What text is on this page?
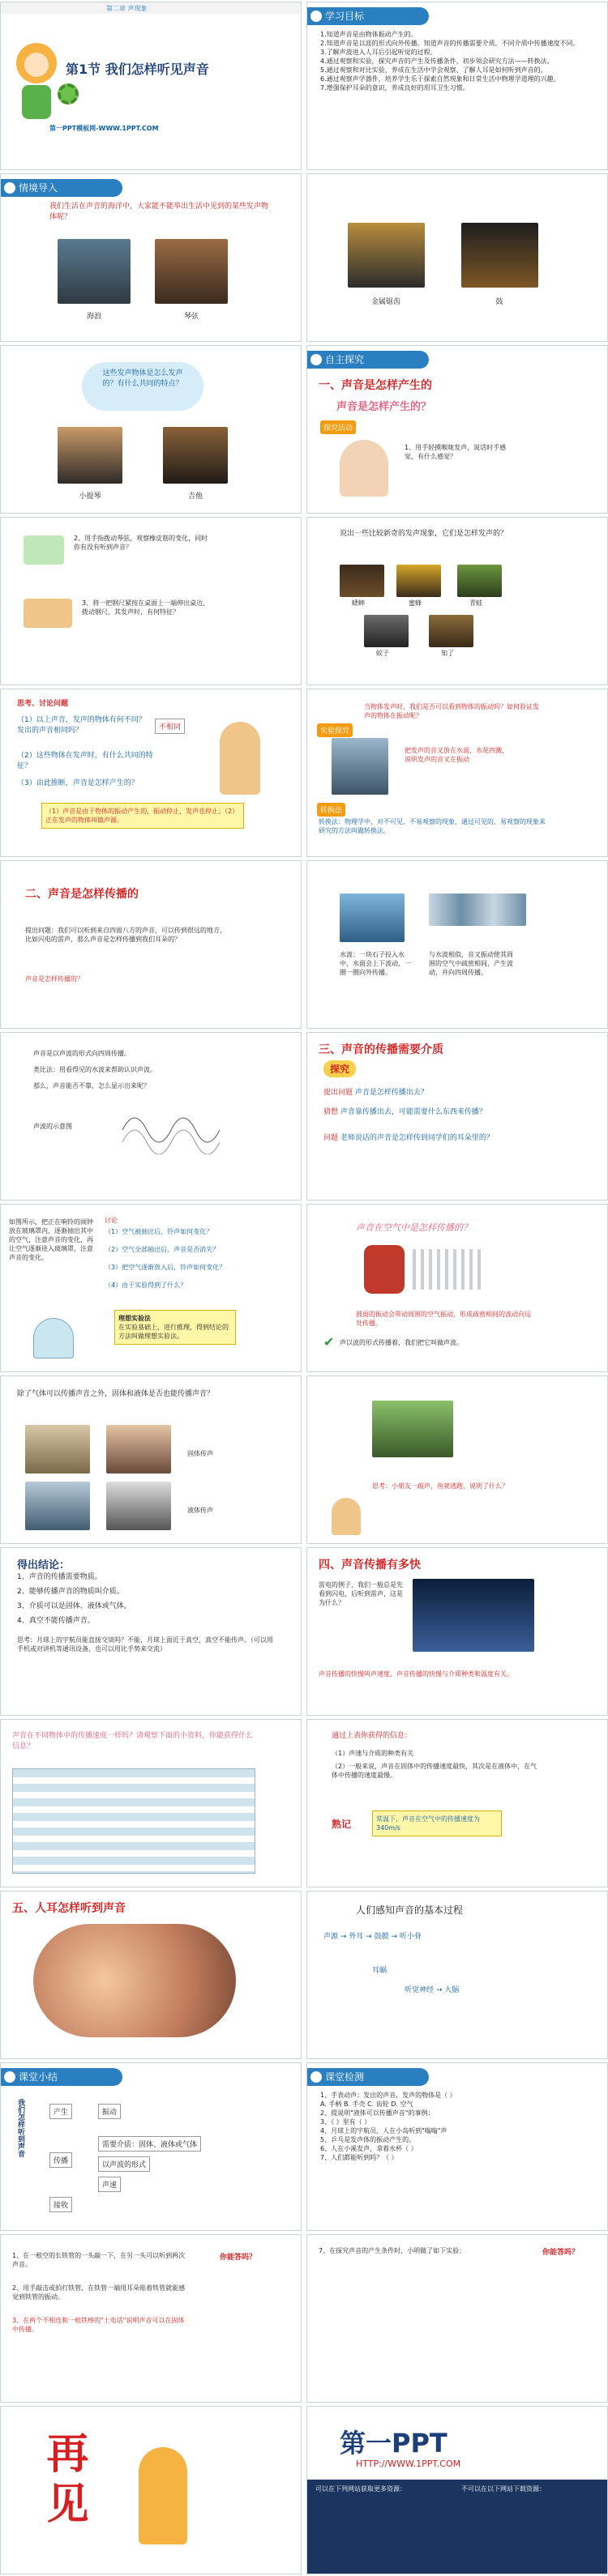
第二章 声现象
第1节 我们怎样听见声音
第一PPT模板网-WWW.1PPT.COM
学习目标

1.知道声音是由物体振动产生的。

2.知道声音是以波的形式向外传播。知道声音的传播需要介质，不同介质中传播速度不同。

3.了解声波进入人耳后引起听觉的过程。

4.通过观察和实验，探究声音的产生及传播条件，初步领会研究方法——转换法。

5.通过观察和对比实验，养成在生活中学会观察、了解人耳是如何听到声音的。

6.通过观察声学器件，培养学生乐于探索自然现象和日常生活中物理学道理的兴趣。

7.增强保护耳朵的意识，养成良好的用耳卫生习惯。

情境导入
我们生活在声音的海洋中，大家能不能举出生活中见到的某些发声物体呢？
海浪	琴弦
金属锯齿	鼓
这些发声物体是怎么发声的？有什么共同的特点？
小提琴	吉他
自主探究
一、声音是怎样产生的
声音是怎样产生的？
探究活动
1、用手轻摸喉咙发声，说话时手感觉，有什么感觉？
2、用手指拨动琴弦，观察橡皮筋的变化，同时你有没有听到声音？
3、将一把钢尺紧按在桌面上一端伸出桌边，拨动钢尺，其发声时，有何特征？
说出一些比较新奇的发声现象，它们是怎样发声的？
蟋蟀	蜜蜂	青蛙
蚊子	知了
思考、讨论问题
（1）以上声音，发声的物体有何不同？发出的声音相同吗？	不相同
（2）这些物体在发声时，有什么共同的特征？
（3）由此推断，声音是怎样产生的？
（1）声音是由于物体的振动产生的，振动停止，发声也停止；（2）正在发声的物体叫做声源。
当物体发声时，我们是否可以看到物体的振动吗？如何验证发声的物体在振动呢？
实验探究
把发声的音叉放在水面，水花四溅，说明发声的音叉在振动
转换法
转换法：物理学中，对不可见、不易观察的现象，通过可见的、易观察的现象来研究的方法叫做转换法。
二、声音是怎样传播的
提出问题：我们可以听到来自四面八方的声音，可以传到很远的地方，比如闪电的雷声，那么声音是怎样传播到我们耳朵的？
声音是怎样传播的？
水波：一块石子投入水中，水面会上下波动，一圈一圈向外传播。
与水波相似，音叉振动使其周围的空气中疏密相间，产生波动，并向四周传播。
声音是以声波的形式向四周传播。
类比法：用看得见的水波来帮助认识声波。
那么，声音能否不靠，怎么显示出来呢？
声波的示意图
三、声音的传播需要介质
探究
提出问题 声音是怎样传播出去？
猜想 声音靠传播出去，可能需要什么东西来传播？
问题 老师说话的声音是怎样传到同学们的耳朵里的？
如图所示，把正在响铃的闹钟放在玻璃罩内，逐渐抽出其中的空气，注意声音的变化，再让空气逐渐进入玻璃罩，注意声音的变化。
讨论
（1）空气被抽出后，铃声如何变化？
（2）空气全部抽出后，声音是否消失？
（3）把空气逐渐放入后，铃声如何变化？
（4）由于实验得到了什么？
理想实验法
在实验基础上，进行推理，得到结论的方法叫做理想实验法。
声音在空气中是怎样传播的？
鼓面的振动会带动周围的空气振动，形成疏密相间的波动向远处传播。
✔ 声以波的形式传播着，我们把它叫做声波。
除了气体可以传播声音之外，固体和液体是否也能传播声音？
固体传声
液体传声
思考：小朋友一敲声，鱼就逃跑，说明了什么？
得出结论：
1、声音的传播需要物质。
2、能够传播声音的物质叫介质。
3、介质可以是固体、液体或气体。
4、真空不能传播声音。
思考：月球上的宇航员能直接交谈吗？不能，月球上面近于真空，真空不能传声。（可以用手机或对讲机等通讯设备，也可以用比手势来交流）
四、声音传播有多快
雷电的例子，我们一般总是先看到闪电，后听到雷声，这是为什么？
声音传播的快慢叫声速度，声音传播的快慢与介质种类和温度有关。
声音在不同物体中的传播速度一样吗？请观察下面的小资料，你能获得什么信息？
通过上表你获得的信息：
（1）声速与介质的种类有关
（2）一般来说，声音在固体中的传播速度最快，其次是在液体中，在气体中传播的速度最慢。
熟记	常温下，声音在空气中的传播速度为340m/s
五、人耳怎样听到声音	人们感知声音的基本过程
声源 → 外耳 → 鼓膜 → 听小骨
耳蜗
听觉神经 → 大脑
课堂小结
我们怎样听到声音	产生	振动
传播
需要介质：固体、液体或气体
以声波的形式
声速
接收
课堂检测

1、手表动声：发出的声音，发声的物体是（ ）

A. 手柄 B. 手壳 C. 齿轮 D. 空气

2、提说明"液体可以传播声音"的事例：

3、《 》里有（ ）

4、月球上的宇航员，人在小岛听到"嗡嗡"声

5、乒乓是发声体的振动产生的。

6、人在小溪发声，拿着水杯（ ）

7、人们都能听到吗？（ ）

1、在一根空的长铁管的一头敲一下，在另一头可以听到两次声音。
2、用手敲击或拍打铁管，在铁管一端用耳朵贴着铁管就能感觉到铁管的振动。
3、在两个不相连和一根铁棒的"土电话"说明声音可以在固体中传播。
你能答吗？
7、在探究声音的产生条件时，小明做了如下实验：	你能答吗？
再见	第一PPT
HTTP://WWW.1PPT.COM
可以在下列网站获取更多资源：	不可以在以下网站下载资源：
